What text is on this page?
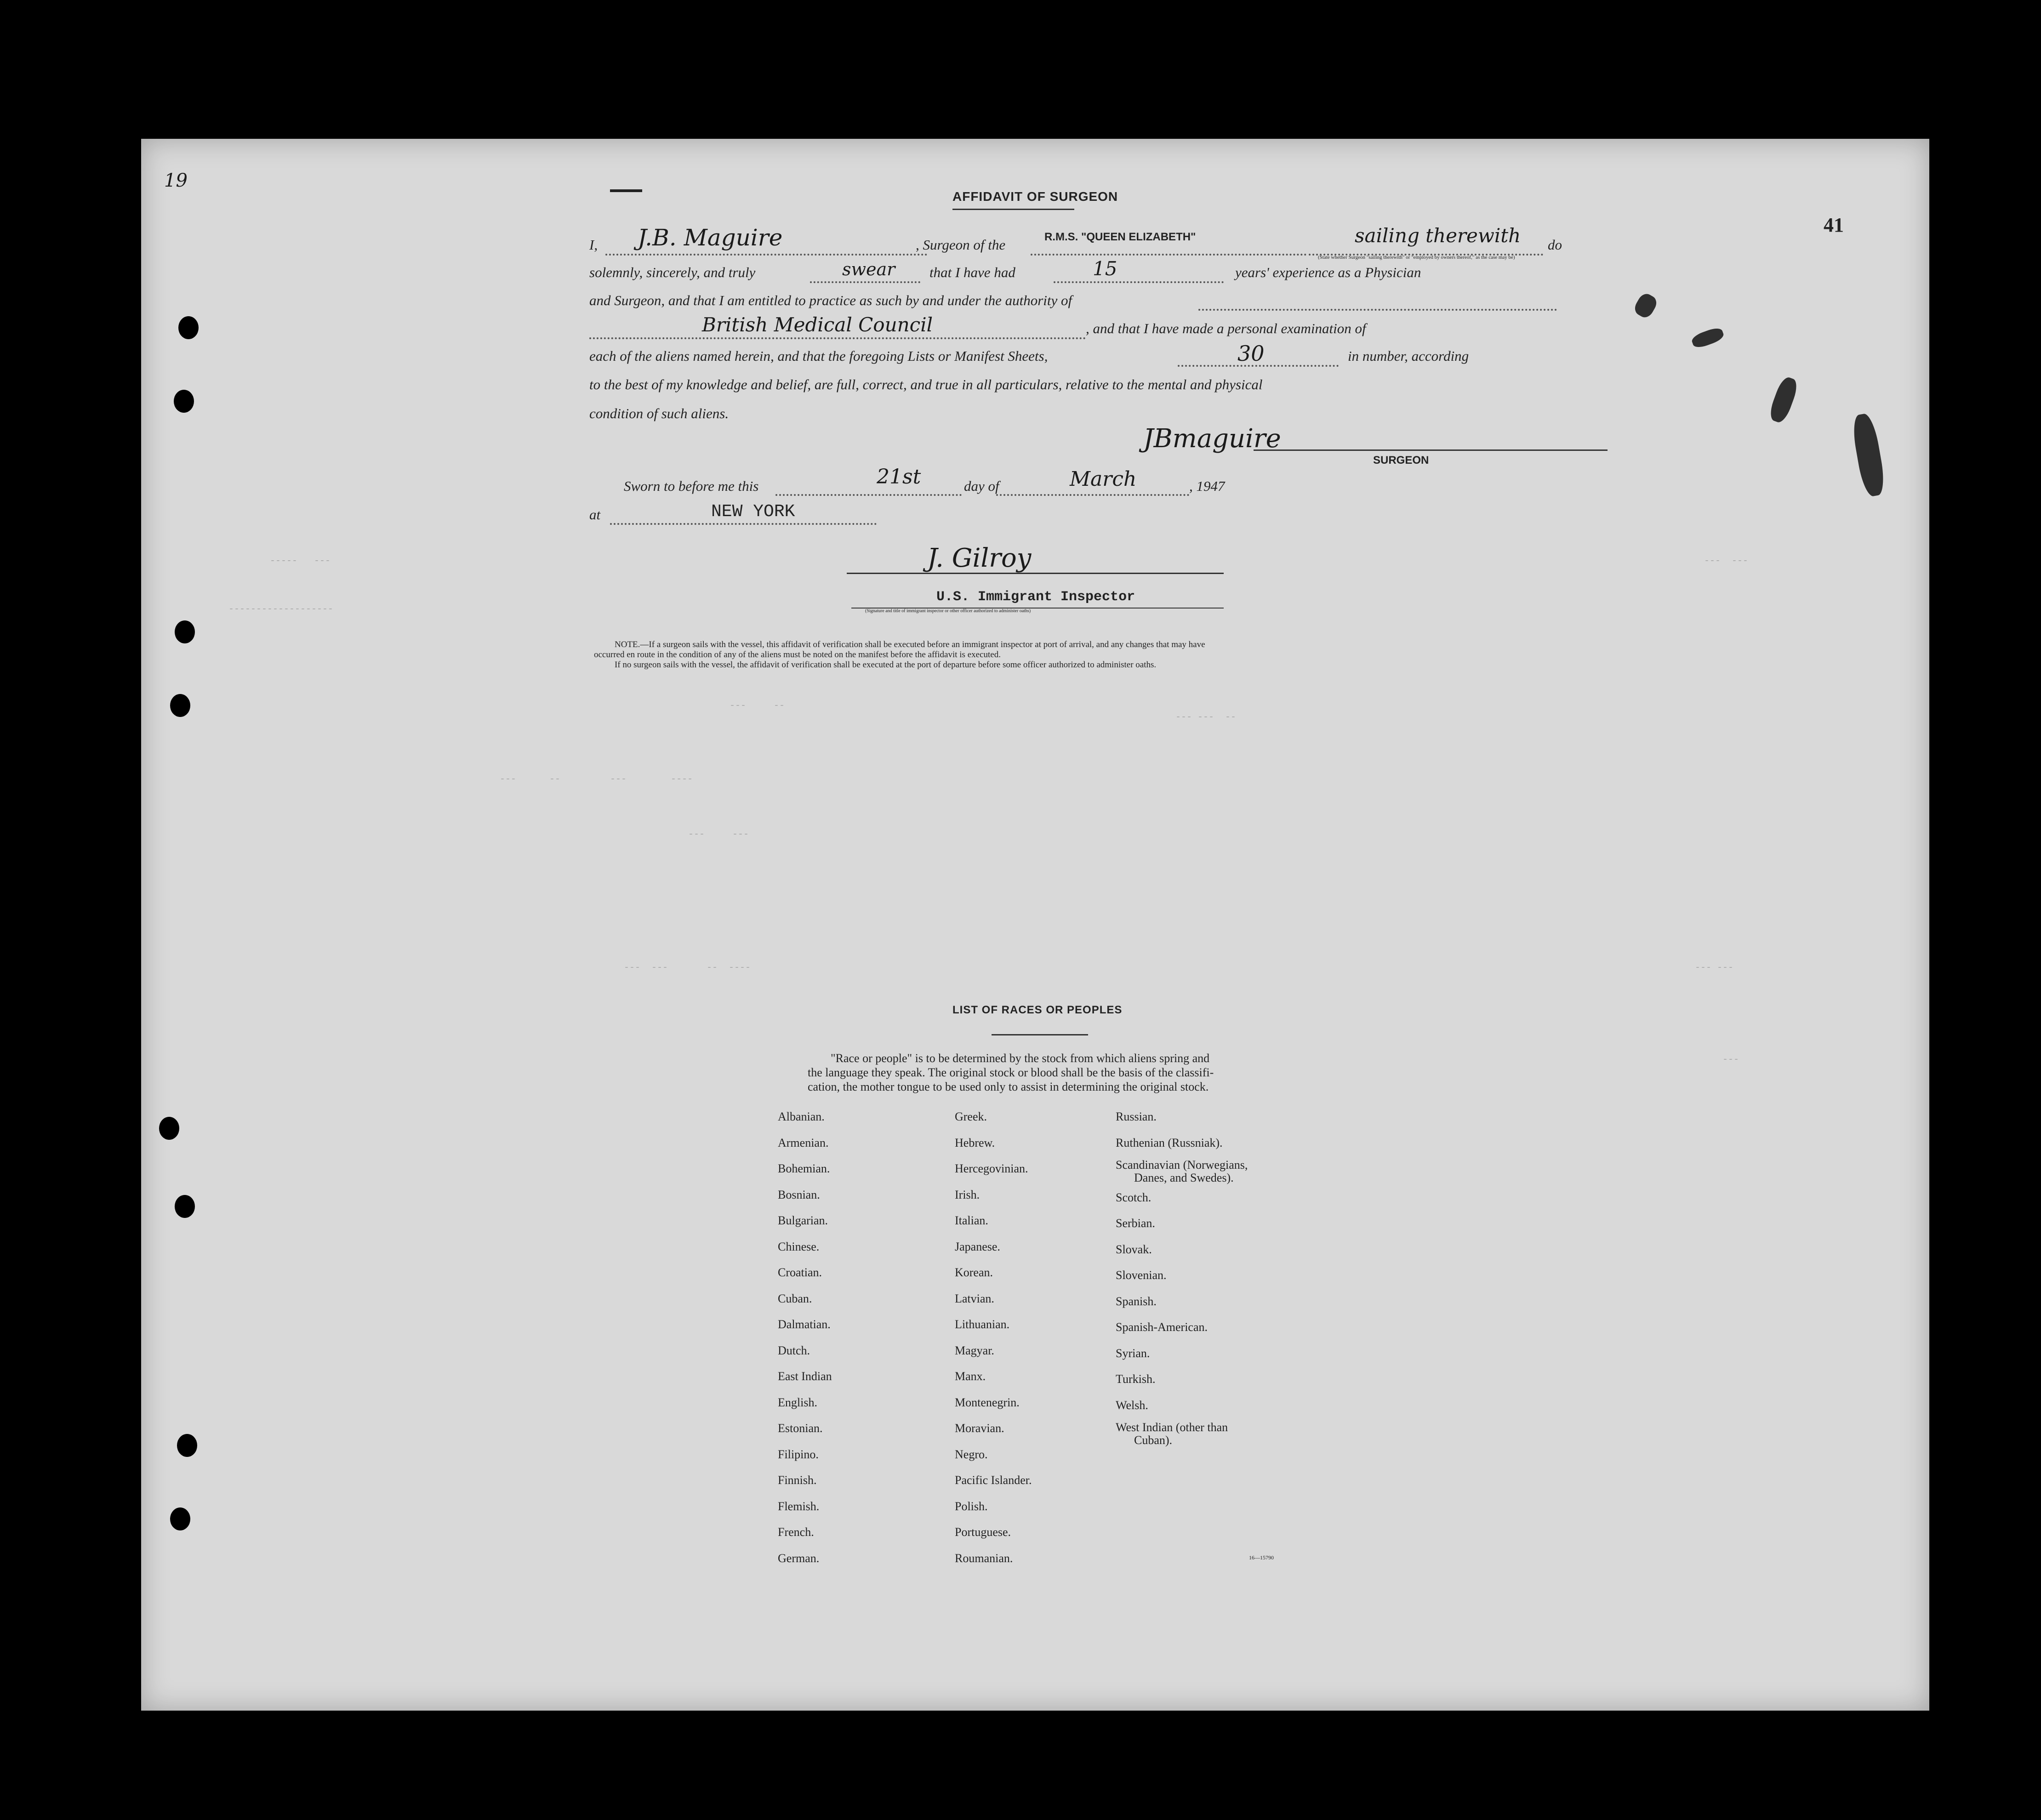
19
41
AFFIDAVIT OF SURGEON
I, J.B. Maguire	, Surgeon of the	R.M.S. "QUEEN ELIZABETH"	sailing therewith do
(State whether Surgeon "sailing therewith" or "employed by owners thereof," as the case may be)
solemnly, sincerely, and truly	swear that I have had	15	years' experience as a Physician
and Surgeon, and that I am entitled to practice as such by and under the authority of
British Medical Council	, and that I have made a personal examination of
each of the aliens named herein, and that the foregoing Lists or Manifest Sheets,	30	in number, according
to the best of my knowledge and belief, are full, correct, and true in all particulars, relative to the mental and physical
condition of such aliens.
JBmaguire
SURGEON
Sworn to before me this	21st	day of	March	, 1947
at	NEW YORK
J. Gilroy
U.S. Immigrant Inspector
(Signature and title of immigrant inspector or other officer authorized to administer oaths)
NOTE.—If a surgeon sails with the vessel, this affidavit of verification shall be executed before an immigrant inspector at port of arrival, and any changes that may have
occurred en route in the condition of any of the aliens must be noted on the manifest before the affidavit is executed.
If no surgeon sails with the vessel, the affidavit of verification shall be executed at the port of departure before some officer authorized to administer oaths.
LIST OF RACES OR PEOPLES
"Race or people" is to be determined by the stock from which aliens spring and
the language they speak. The original stock or blood shall be the basis of the classifi-
cation, the mother tongue to be used only to assist in determining the original stock.
Albanian.
Armenian.
Bohemian.
Bosnian.
Bulgarian.
Chinese.
Croatian.
Cuban.
Dalmatian.
Dutch.
East Indian
English.
Estonian.
Filipino.
Finnish.
Flemish.
French.
German.
Greek.
Hebrew.
Hercegovinian.
Irish.
Italian.
Japanese.
Korean.
Latvian.
Lithuanian.
Magyar.
Manx.
Montenegrin.
Moravian.
Negro.
Pacific Islander.
Polish.
Portuguese.
Roumanian.
Russian.
Ruthenian (Russniak).
Scandinavian (Norwegians,
Danes, and Swedes).
Scotch.
Serbian.
Slovak.
Slovenian.
Spanish.
Spanish-American.
Syrian.
Turkish.
Welsh.
West Indian (other than
Cuban).
16—15790
ˉˉˉˉˉ   ˉˉˉ	ˉˉˉ  ˉˉˉ
ˉˉˉˉˉˉˉˉˉˉˉˉˉˉˉˉˉˉˉ
ˉˉˉ     ˉˉ
ˉˉˉ ˉˉˉ  ˉˉ
ˉˉˉ      ˉˉ         ˉˉˉ        ˉˉˉˉ
ˉˉˉ     ˉˉˉ
ˉˉˉ  ˉˉˉ       ˉˉ  ˉˉˉˉ	ˉˉˉ ˉˉˉ
ˉˉˉ
